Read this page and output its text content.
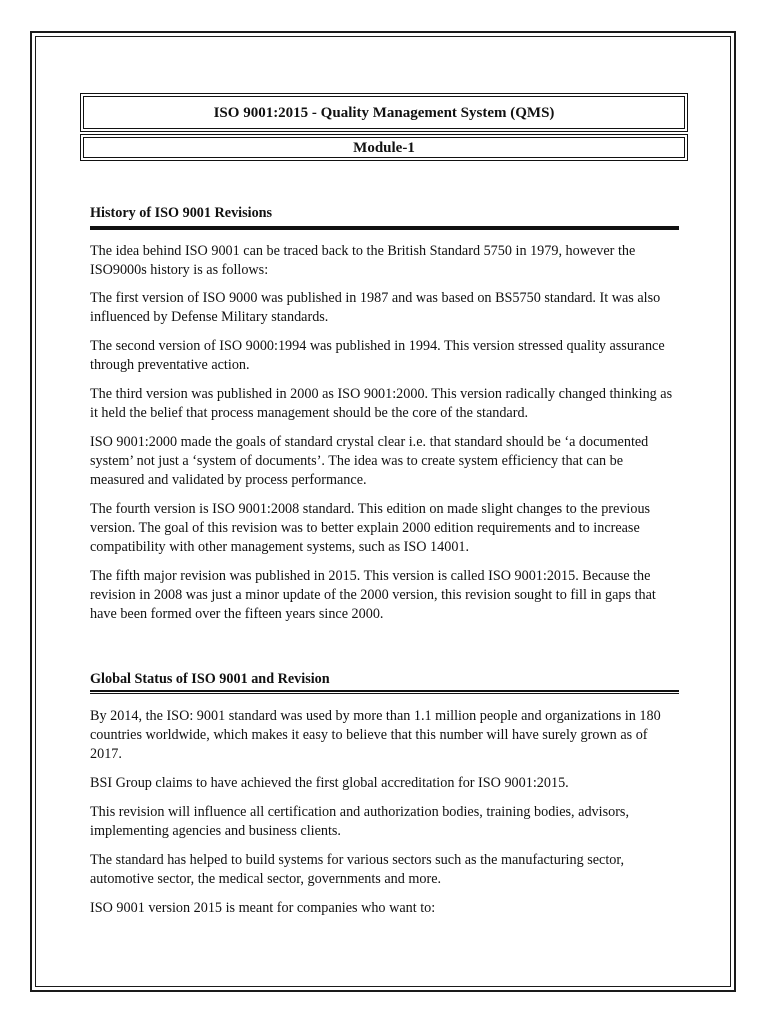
ISO 9001:2015 - Quality Management System (QMS)
Module-1
History of ISO 9001 Revisions

The idea behind ISO 9001 can be traced back to the British Standard 5750 in 1979, however the ISO9000s history is as follows:

The first version of ISO 9000 was published in 1987 and was based on BS5750 standard. It was also influenced by Defense Military standards.

The second version of ISO 9000:1994 was published in 1994. This version stressed quality assurance through preventative action.

The third version was published in 2000 as ISO 9001:2000. This version radically changed thinking as it held the belief that process management should be the core of the standard.

ISO 9001:2000 made the goals of standard crystal clear i.e. that standard should be ‘a documented system’ not just a ‘system of documents’. The idea was to create system efficiency that can be measured and validated by process performance.

The fourth version is ISO 9001:2008 standard. This edition on made slight changes to the previous version. The goal of this revision was to better explain 2000 edition requirements and to increase compatibility with other management systems, such as ISO 14001.

The fifth major revision was published in 2015. This version is called ISO 9001:2015. Because the revision in 2008 was just a minor update of the 2000 version, this revision sought to fill in gaps that have been formed over the fifteen years since 2000.

Global Status of ISO 9001 and Revision

By 2014, the ISO: 9001 standard was used by more than 1.1 million people and organizations in 180 countries worldwide, which makes it easy to believe that this number will have surely grown as of 2017.

BSI Group claims to have achieved the first global accreditation for ISO 9001:2015.

This revision will influence all certification and authorization bodies, training bodies, advisors, implementing agencies and business clients.

The standard has helped to build systems for various sectors such as the manufacturing sector, automotive sector, the medical sector, governments and more.

ISO 9001 version 2015 is meant for companies who want to:
